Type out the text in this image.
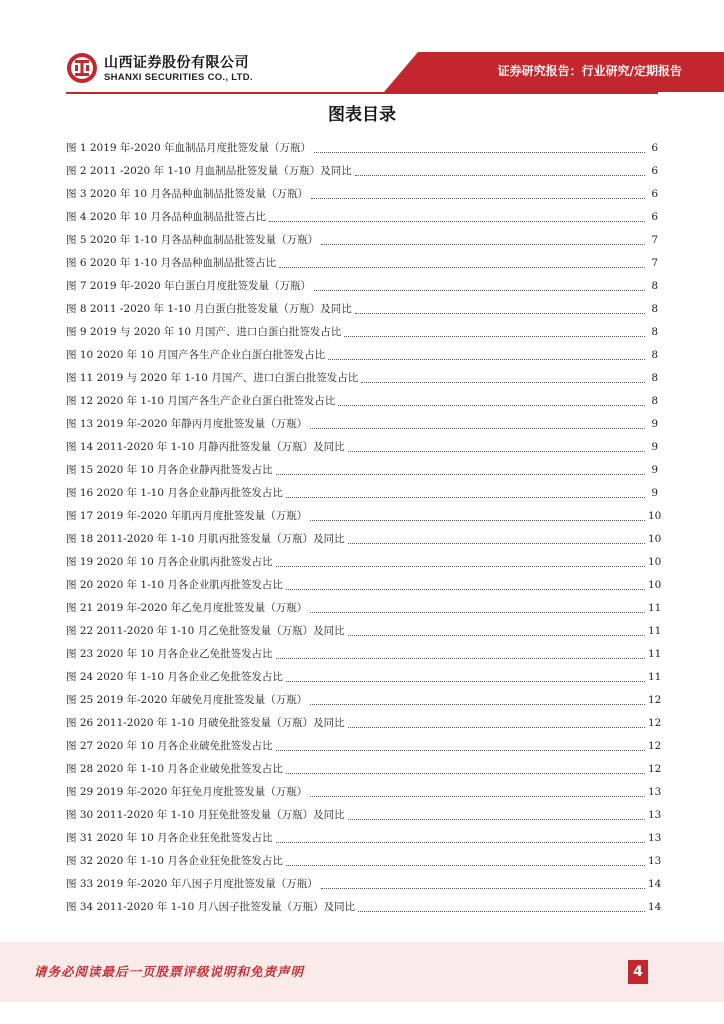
山西证券股份有限公司
SHANXI SECURITIES CO., LTD.	证券研究报告：行业研究/定期报告
图表目录
图 1 2019 年-2020 年血制品月度批签发量（万瓶）	6
图 2 2011 -2020 年 1-10 月血制品批签发量（万瓶）及同比	6
图 3 2020 年 10 月各品种血制品批签发量（万瓶）	6
图 4 2020 年 10 月各品种血制品批签占比	6
图 5 2020 年 1-10 月各品种血制品批签发量（万瓶）	7
图 6 2020 年 1-10 月各品种血制品批签占比	7
图 7 2019 年-2020 年白蛋白月度批签发量（万瓶）	8
图 8 2011 -2020 年 1-10 月白蛋白批签发量（万瓶）及同比	8
图 9 2019 与 2020 年 10 月国产、进口白蛋白批签发占比	8
图 10 2020 年 10 月国产各生产企业白蛋白批签发占比	8
图 11 2019 与 2020 年 1-10 月国产、进口白蛋白批签发占比	8
图 12 2020 年 1-10 月国产各生产企业白蛋白批签发占比	8
图 13 2019 年-2020 年静丙月度批签发量（万瓶）	9
图 14 2011-2020 年 1-10 月静丙批签发量（万瓶）及同比	9
图 15 2020 年 10 月各企业静丙批签发占比	9
图 16 2020 年 1-10 月各企业静丙批签发占比	9
图 17 2019 年-2020 年肌丙月度批签发量（万瓶）	10
图 18 2011-2020 年 1-10 月肌丙批签发量（万瓶）及同比	10
图 19 2020 年 10 月各企业肌丙批签发占比	10
图 20 2020 年 1-10 月各企业肌丙批签发占比	10
图 21 2019 年-2020 年乙免月度批签发量（万瓶）	11
图 22 2011-2020 年 1-10 月乙免批签发量（万瓶）及同比	11
图 23 2020 年 10 月各企业乙免批签发占比	11
图 24 2020 年 1-10 月各企业乙免批签发占比	11
图 25 2019 年-2020 年破免月度批签发量（万瓶）	12
图 26 2011-2020 年 1-10 月破免批签发量（万瓶）及同比	12
图 27 2020 年 10 月各企业破免批签发占比	12
图 28 2020 年 1-10 月各企业破免批签发占比	12
图 29 2019 年-2020 年狂免月度批签发量（万瓶）	13
图 30 2011-2020 年 1-10 月狂免批签发量（万瓶）及同比	13
图 31 2020 年 10 月各企业狂免批签发占比	13
图 32 2020 年 1-10 月各企业狂免批签发占比	13
图 33 2019 年-2020 年八因子月度批签发量（万瓶）	14
图 34 2011-2020 年 1-10 月八因子批签发量（万瓶）及同比	14
请务必阅读最后一页股票评级说明和免责声明	4
